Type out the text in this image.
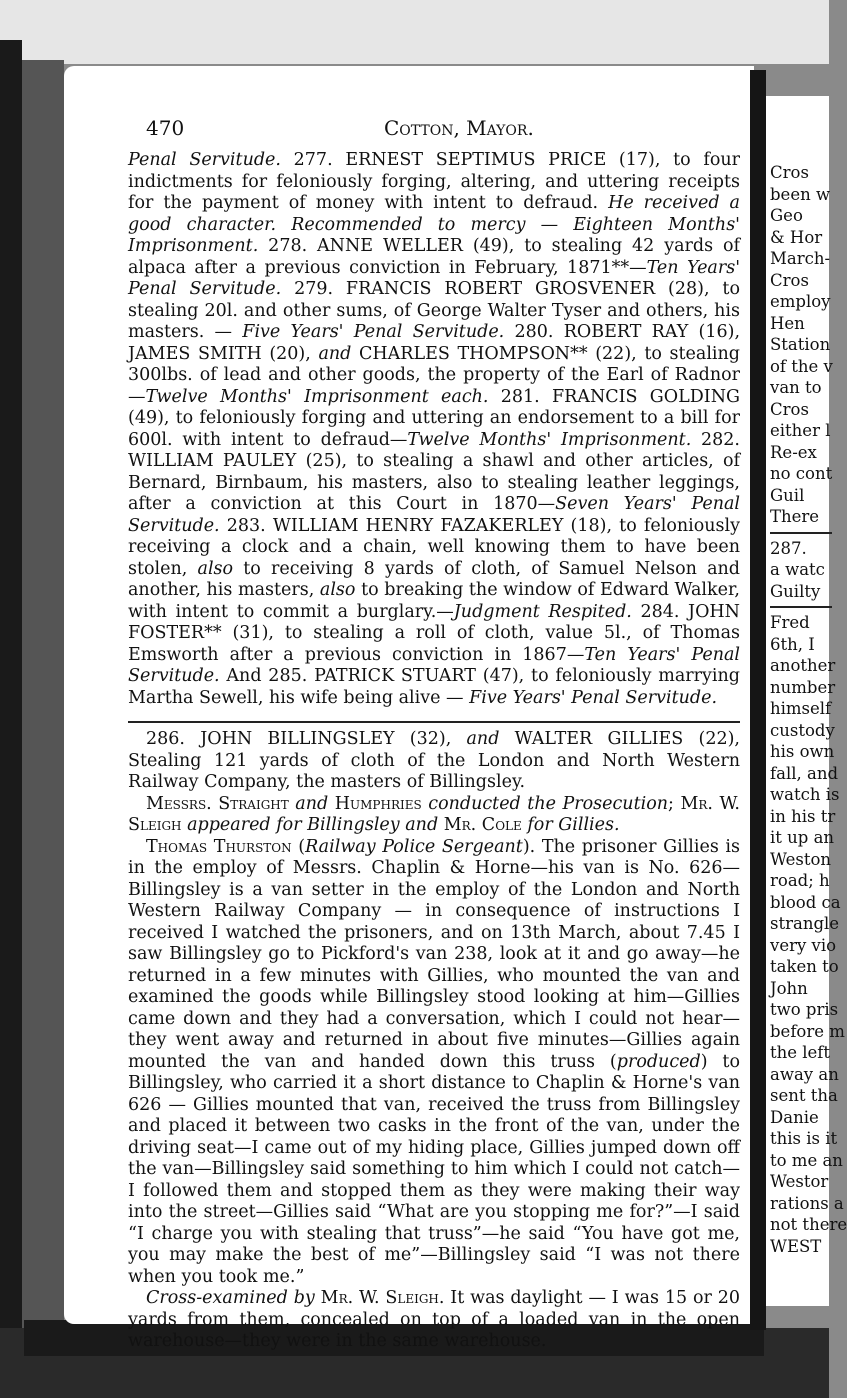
470	Cotton, Mayor.

Penal Servitude. 277. ERNEST SEPTIMUS PRICE (17), to four indictments for feloniously forging, altering, and uttering receipts for the payment of money with intent to defraud. He received a good character. Recommended to mercy — Eighteen Months' Imprisonment. 278. ANNE WELLER (49), to stealing 42 yards of alpaca after a previous conviction in February, 1871**—Ten Years' Penal Servitude. 279. FRANCIS ROBERT GROSVENER (28), to stealing 20l. and other sums, of George Walter Tyser and others, his masters. — Five Years' Penal Servitude. 280. ROBERT RAY (16), JAMES SMITH (20), and CHARLES THOMPSON** (22), to stealing 300lbs. of lead and other goods, the property of the Earl of Radnor—Twelve Months' Imprisonment each. 281. FRANCIS GOLDING (49), to feloniously forging and uttering an endorsement to a bill for 600l. with intent to defraud—Twelve Months' Imprisonment. 282. WILLIAM PAULEY (25), to stealing a shawl and other articles, of Bernard, Birnbaum, his masters, also to stealing leather leggings, after a conviction at this Court in 1870—Seven Years' Penal Servitude. 283. WILLIAM HENRY FAZAKERLEY (18), to feloniously receiving a clock and a chain, well knowing them to have been stolen, also to receiving 8 yards of cloth, of Samuel Nelson and another, his masters, also to breaking the window of Edward Walker, with intent to commit a burglary.—Judgment Respited. 284. JOHN FOSTER** (31), to stealing a roll of cloth, value 5l., of Thomas Emsworth after a previous conviction in 1867—Ten Years' Penal Servitude. And 285. PATRICK STUART (47), to feloniously marrying Martha Sewell, his wife being alive — Five Years' Penal Servitude.

286. JOHN BILLINGSLEY (32), and WALTER GILLIES (22), Stealing 121 yards of cloth of the London and North Western Railway Company, the masters of Billingsley.

Messrs. Straight and Humphries conducted the Prosecution; Mr. W. Sleigh appeared for Billingsley and Mr. Cole for Gillies.

Thomas Thurston (Railway Police Sergeant). The prisoner Gillies is in the employ of Messrs. Chaplin & Horne—his van is No. 626—Billingsley is a van setter in the employ of the London and North Western Railway Company — in consequence of instructions I received I watched the prisoners, and on 13th March, about 7.45 I saw Billingsley go to Pickford's van 238, look at it and go away—he returned in a few minutes with Gillies, who mounted the van and examined the goods while Billingsley stood looking at him—Gillies came down and they had a conversation, which I could not hear—they went away and returned in about five minutes—Gillies again mounted the van and handed down this truss (produced) to Billingsley, who carried it a short distance to Chaplin & Horne's van 626 — Gillies mounted that van, received the truss from Billingsley and placed it between two casks in the front of the van, under the driving seat—I came out of my hiding place, Gillies jumped down off the van—Billingsley said something to him which I could not catch—I followed them and stopped them as they were making their way into the street—Gillies said “What are you stopping me for?”—I said “I charge you with stealing that truss”—he said “You have got me, you may make the best of me”—Billingsley said “I was not there when you took me.”

Cross-examined by Mr. W. Sleigh. It was daylight — I was 15 or 20 yards from them, concealed on top of a loaded van in the open warehouse—they were in the same warehouse.

Cros
been w
Geo
& Hor
March-
Cros
employ
Hen
Station
of the v
van to
Cros
either l
Re-ex
no cont
Guil
There
287.
a watc
Guilty
Fred
6th, I
another
number
himself
custody
his own
fall, and
watch is
in his tr
it up an
Weston
road; h
blood ca
strangle
very vio
taken to
John
two pris
before m
the left
away an
sent tha
Danie
this is it
to me an
Westor
rations a
not there
WEST
